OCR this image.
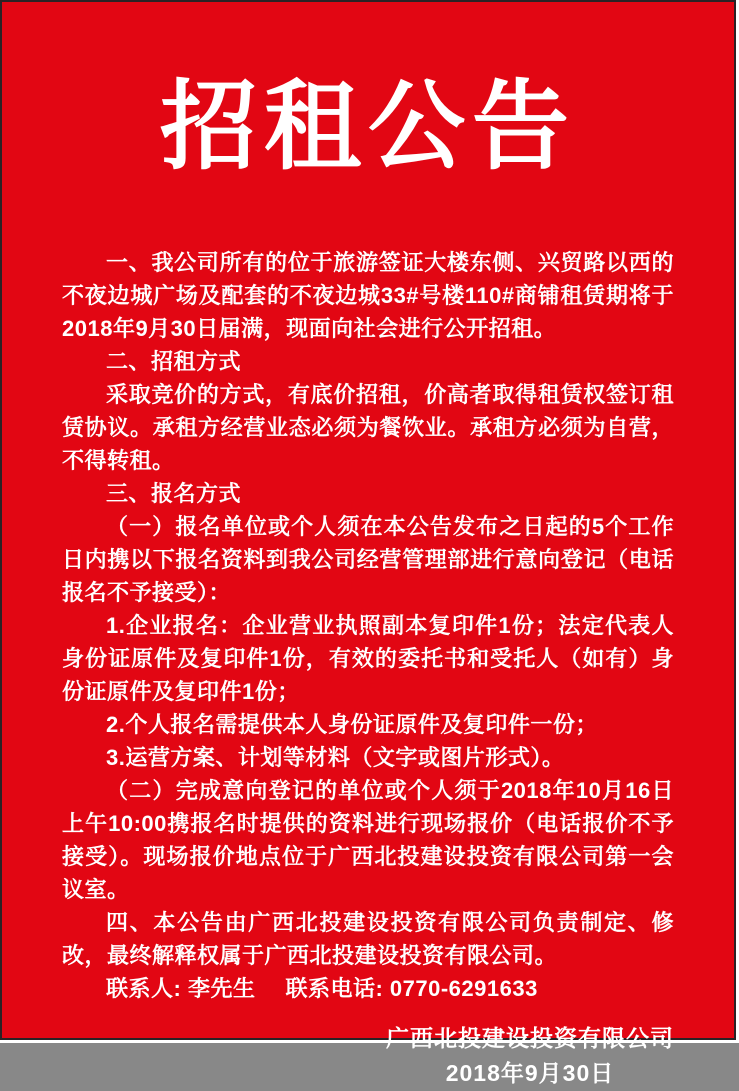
招租公告

一、我公司所有的位于旅游签证大楼东侧、兴贸路以西的不夜边城广场及配套的不夜边城33#号楼110#商铺租赁期将于2018年9月30日届满，现面向社会进行公开招租。

二、招租方式

采取竞价的方式，有底价招租，价高者取得租赁权签订租赁协议。承租方经营业态必须为餐饮业。承租方必须为自营，不得转租。

三、报名方式

（一）报名单位或个人须在本公告发布之日起的5个工作日内携以下报名资料到我公司经营管理部进行意向登记（电话报名不予接受）：

1.企业报名：企业营业执照副本复印件1份；法定代表人身份证原件及复印件1份，有效的委托书和受托人（如有）身份证原件及复印件1份；

2.个人报名需提供本人身份证原件及复印件一份；

3.运营方案、计划等材料（文字或图片形式）。

（二）完成意向登记的单位或个人须于2018年10月16日上午10:00携报名时提供的资料进行现场报价（电话报价不予接受）。现场报价地点位于广西北投建设投资有限公司第一会议室。

四、本公告由广西北投建设投资有限公司负责制定、修改，最终解释权属于广西北投建设投资有限公司。

联系人: 李先生 联系电话: 0770-6291633

广西北投建设投资有限公司
2018年9月30日
